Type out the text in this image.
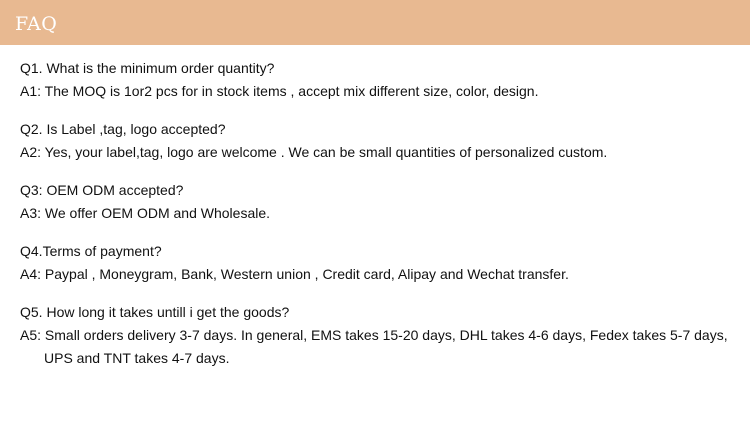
FAQ
Q1. What is the minimum order quantity?
A1: The MOQ is 1or2 pcs for in stock items , accept mix different size, color, design.
Q2. Is Label ,tag, logo accepted?
A2: Yes, your label,tag, logo are welcome . We can be small quantities of personalized custom.
Q3: OEM ODM accepted?
A3: We offer OEM ODM and Wholesale.
Q4.Terms of payment?
A4: Paypal , Moneygram, Bank, Western union , Credit card, Alipay and Wechat transfer.
Q5. How long it takes untill i get the goods?
A5: Small orders delivery 3-7 days. In general, EMS takes 15-20 days, DHL takes 4-6 days, Fedex takes 5-7 days,
UPS and TNT takes 4-7 days.
